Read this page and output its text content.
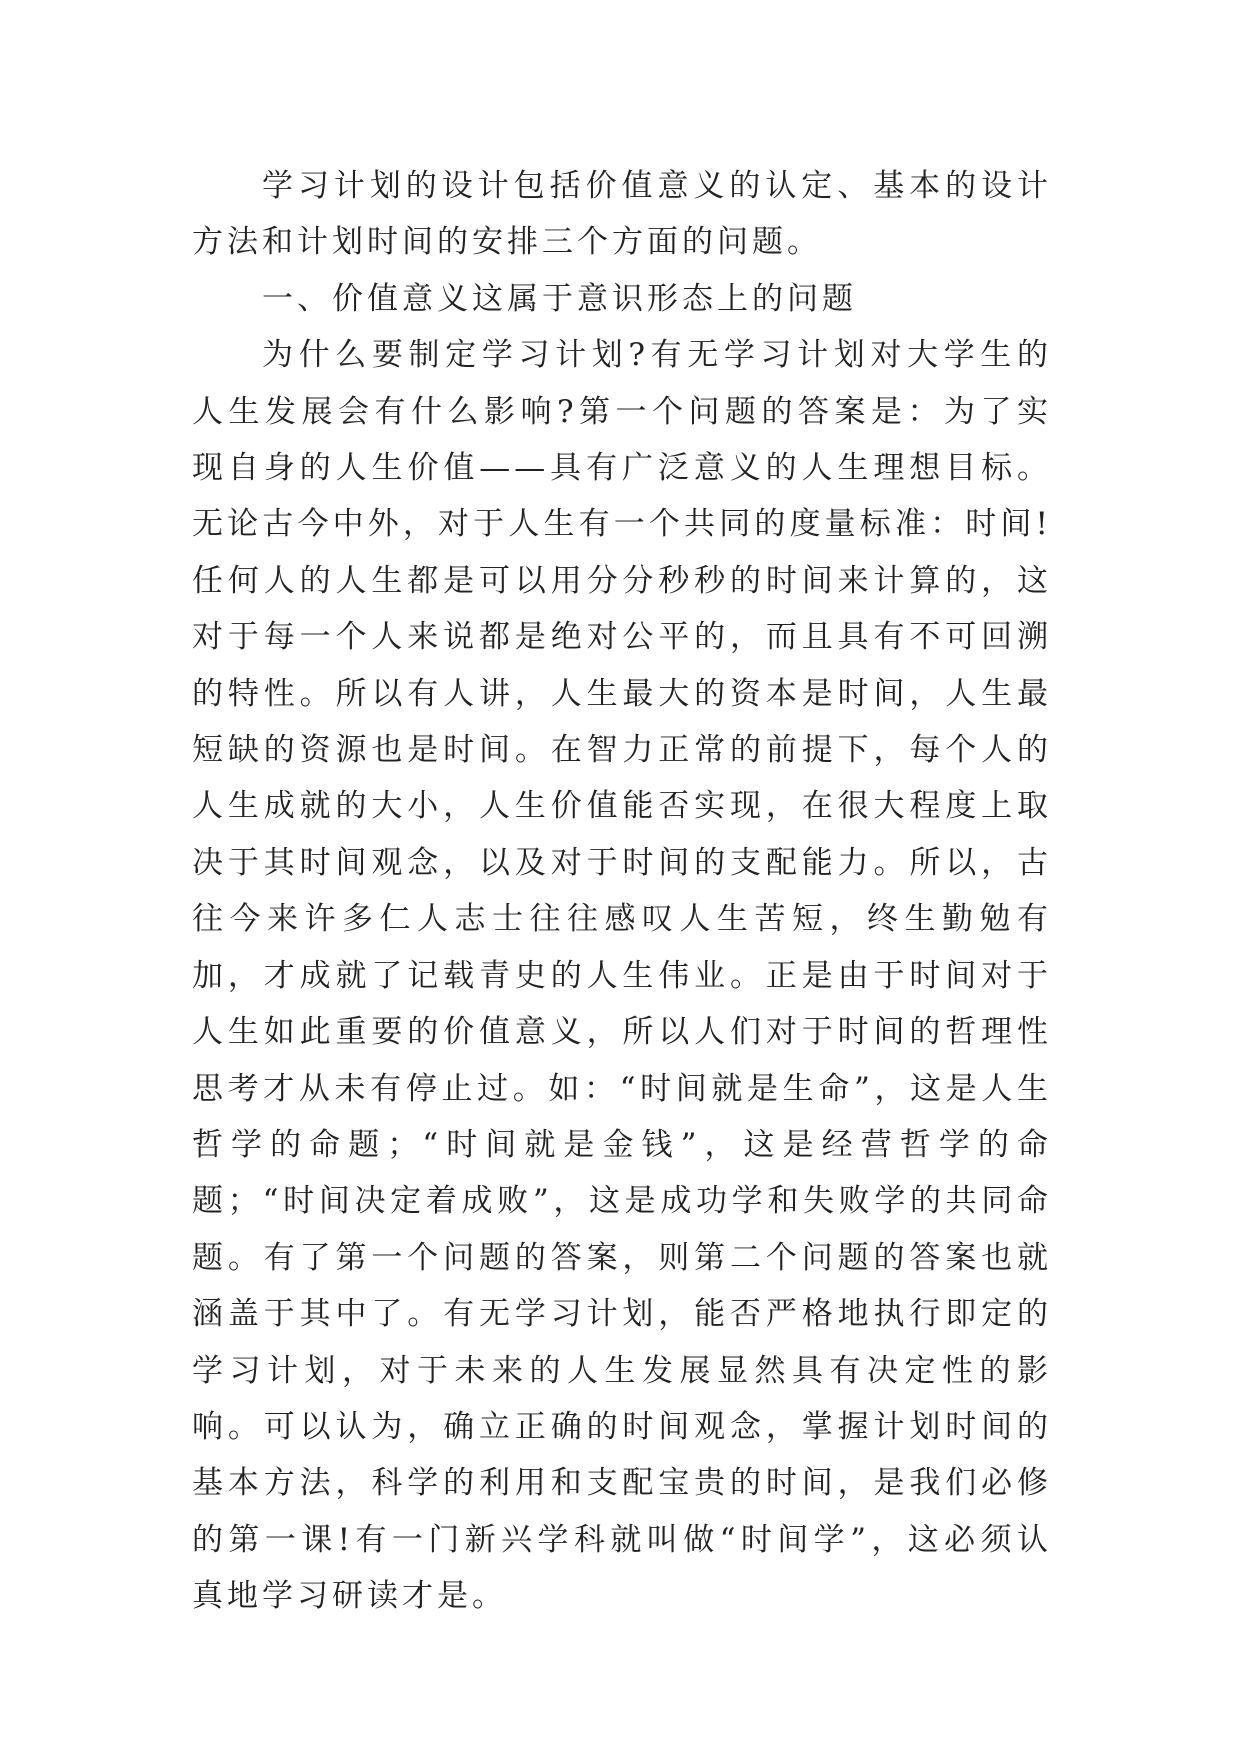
学习计划的设计包括价值意义的认定、基本的设计方法和计划时间的安排三个方面的问题。

一、价值意义这属于意识形态上的问题

为什么要制定学习计划?有无学习计划对大学生的人生发展会有什么影响?第一个问题的答案是：为了实现自身的人生价值——具有广泛意义的人生理想目标。无论古今中外，对于人生有一个共同的度量标准：时间!任何人的人生都是可以用分分秒秒的时间来计算的，这对于每一个人来说都是绝对公平的，而且具有不可回溯的特性。所以有人讲，人生最大的资本是时间，人生最短缺的资源也是时间。在智力正常的前提下，每个人的人生成就的大小，人生价值能否实现，在很大程度上取决于其时间观念，以及对于时间的支配能力。所以，古往今来许多仁人志士往往感叹人生苦短，终生勤勉有加，才成就了记载青史的人生伟业。正是由于时间对于人生如此重要的价值意义，所以人们对于时间的哲理性思考才从未有停止过。如：“时间就是生命”，这是人生哲学的命题；“时间就是金钱”，这是经营哲学的命题；“时间决定着成败”，这是成功学和失败学的共同命题。有了第一个问题的答案，则第二个问题的答案也就涵盖于其中了。有无学习计划，能否严格地执行即定的学习计划，对于未来的人生发展显然具有决定性的影响。可以认为，确立正确的时间观念，掌握计划时间的基本方法，科学的利用和支配宝贵的时间，是我们必修的第一课!有一门新兴学科就叫做“时间学”，这必须认真地学习研读才是。
